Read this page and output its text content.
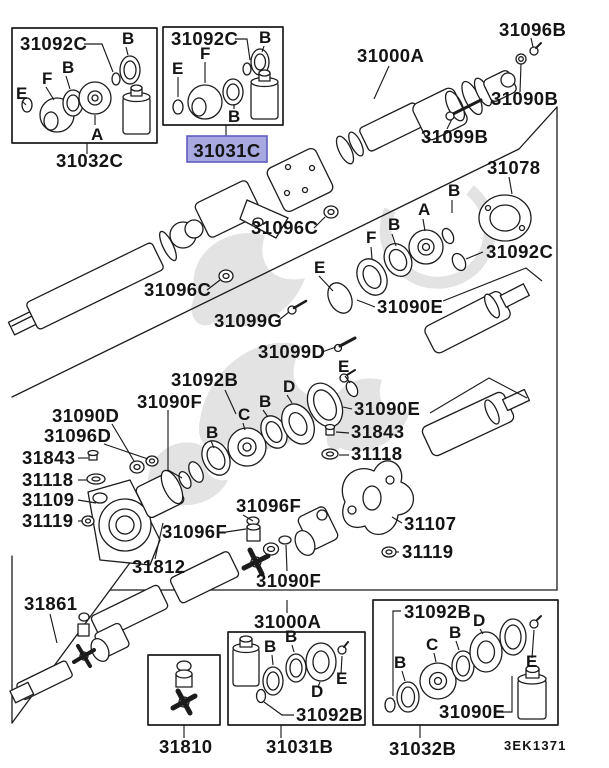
31092C
31032C
31092C
31031C
31000A
31096B
31090B
31099B
31078
31092C
31096C
31096C
31090E
31099G
31099D
31092B
31090F
31090D
31096D
31843
31118
31109
31119
31090E
31843
31118
31096F
31096F	31107
31119
31812
31090F
31861
31000A
31810	31031B
31092B
31092B
31090E
31032B	3EK1371
E
F
B
B
A
F
E
B
B
E
F
B
A
B
E
B
C
B
D
B
B
D
E
B
C
B
D
E
